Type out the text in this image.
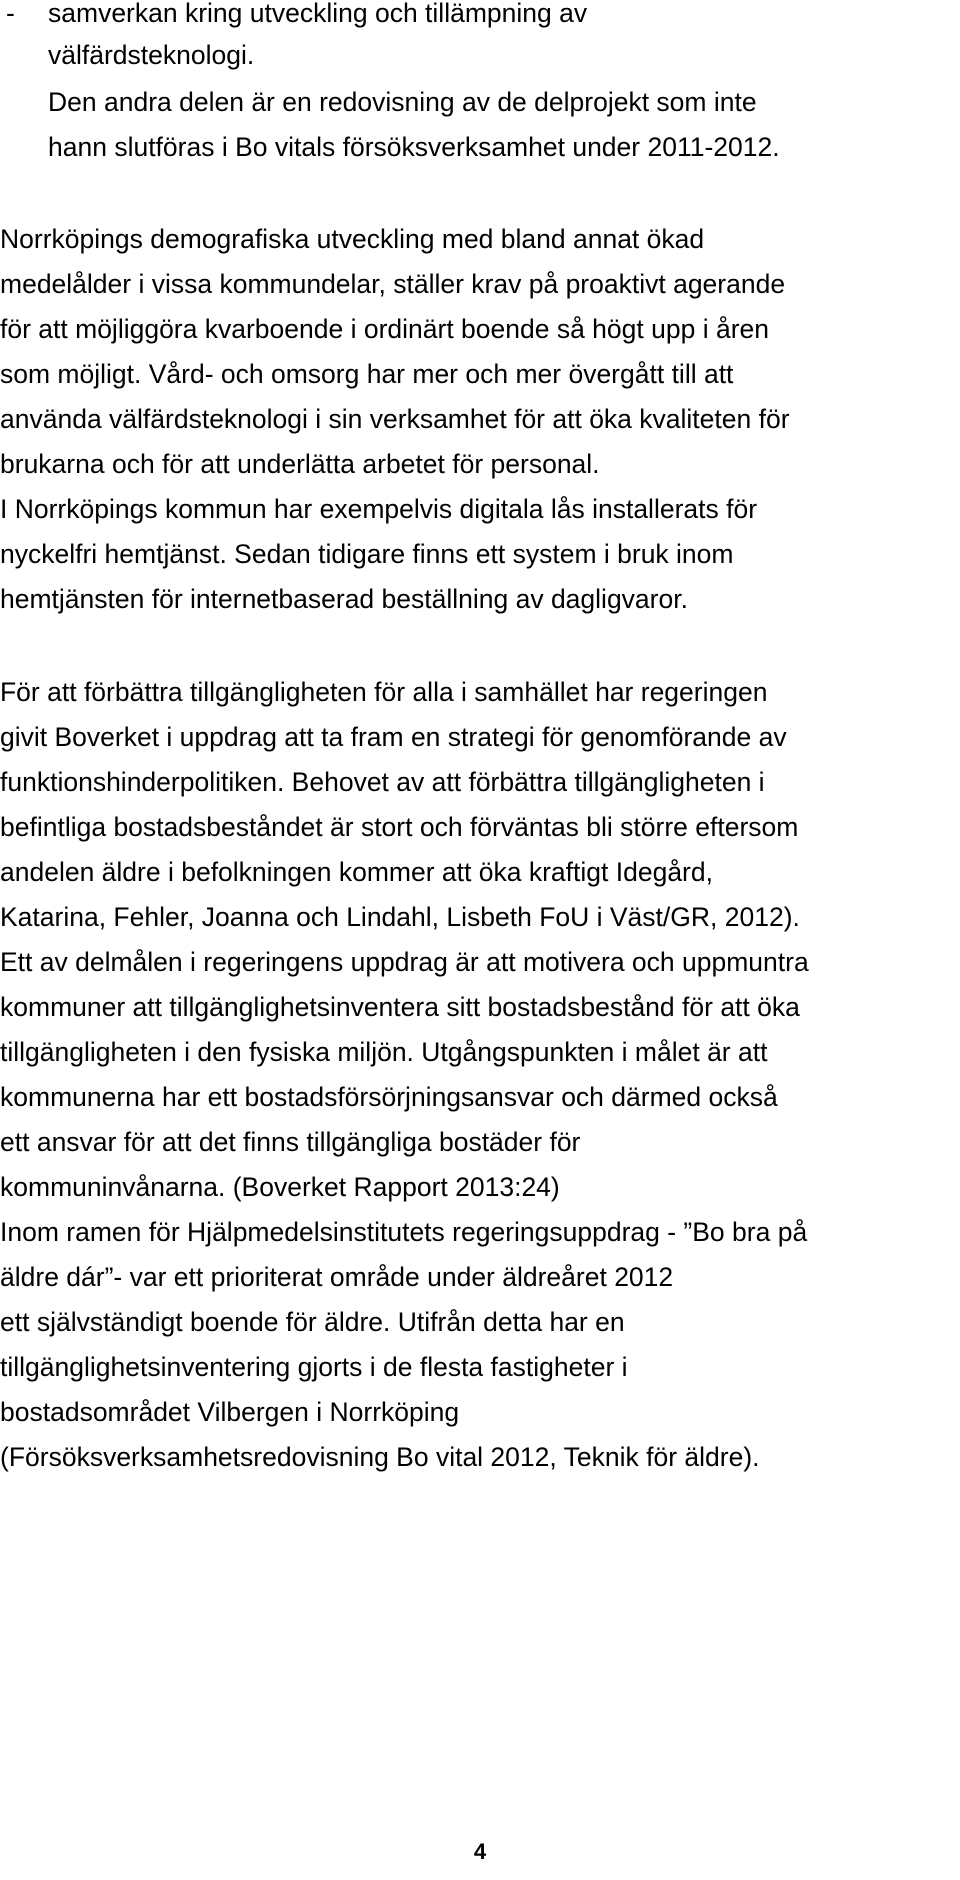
- samverkan kring utveckling och tillämpning av
välfärdsteknologi.
Den andra delen är en redovisning av de delprojekt som inte
hann slutföras i Bo vitals försöksverksamhet under 2011-2012.
Norrköpings demografiska utveckling med bland annat ökad
medelålder i vissa kommundelar, ställer krav på proaktivt agerande
för att möjliggöra kvarboende i ordinärt boende så högt upp i åren
som möjligt. Vård- och omsorg har mer och mer övergått till att
använda välfärdsteknologi i sin verksamhet för att öka kvaliteten för
brukarna och för att underlätta arbetet för personal.
I Norrköpings kommun har exempelvis digitala lås installerats för
nyckelfri hemtjänst. Sedan tidigare finns ett system i bruk inom
hemtjänsten för internetbaserad beställning av dagligvaror.
För att förbättra tillgängligheten för alla i samhället har regeringen
givit Boverket i uppdrag att ta fram en strategi för genomförande av
funktionshinderpolitiken. Behovet av att förbättra tillgängligheten i
befintliga bostadsbeståndet är stort och förväntas bli större eftersom
andelen äldre i befolkningen kommer att öka kraftigt Idegård,
Katarina, Fehler, Joanna och Lindahl, Lisbeth FoU i Väst/GR, 2012).
Ett av delmålen i regeringens uppdrag är att motivera och uppmuntra
kommuner att tillgänglighetsinventera sitt bostadsbestånd för att öka
tillgängligheten i den fysiska miljön. Utgångspunkten i målet är att
kommunerna har ett bostadsförsörjningsansvar och därmed också
ett ansvar för att det finns tillgängliga bostäder för
kommuninvånarna. (Boverket Rapport 2013:24)
Inom ramen för Hjälpmedelsinstitutets regeringsuppdrag - ”Bo bra på
äldre dár”- var ett prioriterat område under äldreåret 2012
ett självständigt boende för äldre. Utifrån detta har en
tillgänglighetsinventering gjorts i de flesta fastigheter i
bostadsområdet Vilbergen i Norrköping
(Försöksverksamhetsredovisning Bo vital 2012, Teknik för äldre).
4
